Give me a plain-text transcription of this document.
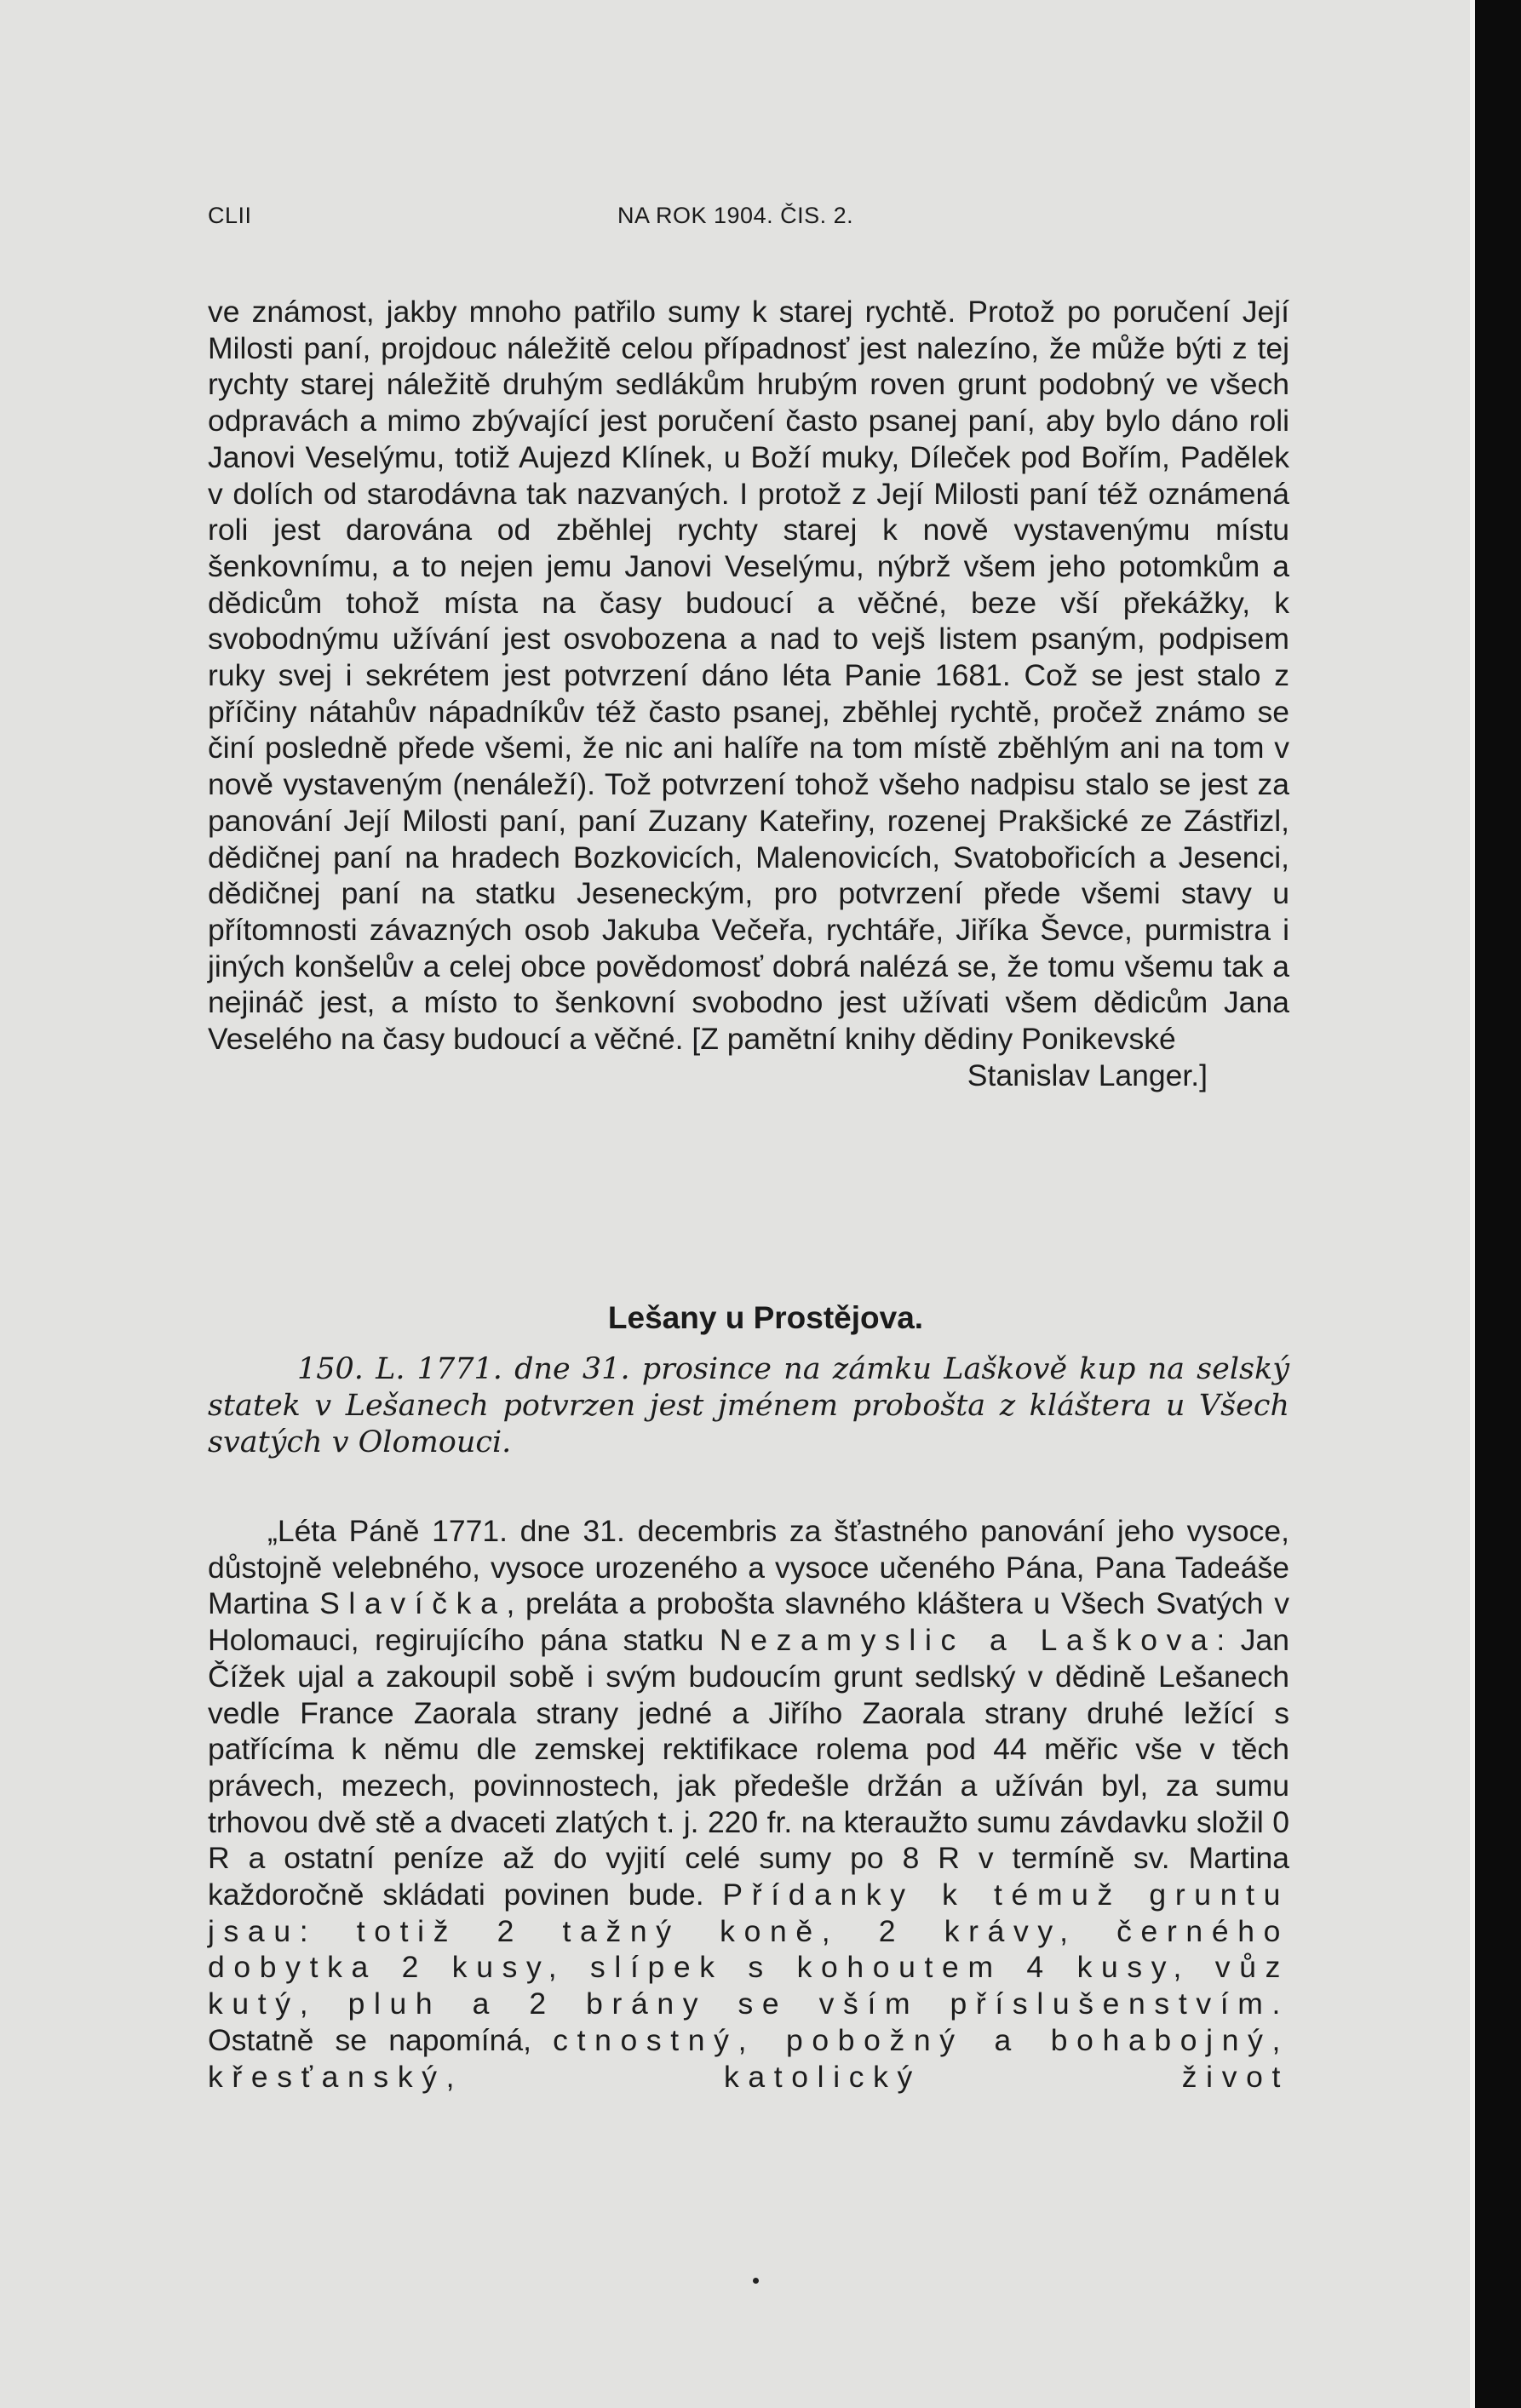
CLII	NA ROK 1904. ČIS. 2.

ve známost, jakby mnoho patřilo sumy k starej rychtě. Protož po poručení Její Milosti paní, projdouc náležitě celou případnosť jest nalezíno, že může býti z tej rychty starej náležitě druhým sedlákům hrubým roven grunt podobný ve všech odpravách a mimo zbývající jest poručení často psanej paní, aby bylo dáno roli Janovi Veselýmu, totiž Aujezd Klínek, u Boží muky, Díleček pod Bořím, Padělek v dolích od starodávna tak nazvaných. I protož z Její Milosti paní též oznámená roli jest darována od zběhlej rychty starej k nově vystavenýmu místu šenkovnímu, a to nejen jemu Janovi Veselýmu, nýbrž všem jeho potomkům a dědicům tohož místa na časy budoucí a věčné, beze vší překážky, k svobodnýmu užívání jest osvobozena a nad to vejš listem psaným, podpisem ruky svej i sekrétem jest potvrzení dáno léta Panie 1681. Což se jest stalo z příčiny nátahův nápadníkův též často psanej, zběhlej rychtě, pročež známo se činí posledně přede všemi, že nic ani halíře na tom místě zběhlým ani na tom v nově vystaveným (nenáleží). Tož potvrzení tohož všeho nadpisu stalo se jest za panování Její Milosti paní, paní Zuzany Kateřiny, rozenej Prakšické ze Zástřizl, dědičnej paní na hradech Bozkovicích, Malenovicích, Svatobořicích a Jesenci, dědičnej paní na statku Jeseneckým, pro potvrzení přede všemi stavy u přítomnosti závazných osob Jakuba Večeřa, rychtáře, Jiříka Ševce, purmistra i jiných konšelův a celej obce povědomosť dobrá nalézá se, že tomu všemu tak a nejináč jest, a místo to šenkovní svobodno jest užívati všem dědicům Jana Veselého na časy budoucí a věčné. [Z pamětní knihy dědiny Ponikevské

Stanislav Langer.]
Lešany u Prostějova.

150. L. 1771. dne 31. prosince na zámku Laškově kup na selský statek v Lešanech potvrzen jest jménem probošta z kláštera u Všech svatých v Olomouci.

„Léta Páně 1771. dne 31. decembris za šťastného panování jeho vysoce, důstojně velebného, vysoce urozeného a vysoce učeného Pána, Pana Tadeáše Martina Slavíčka, preláta a probošta slavného kláštera u Všech Svatých v Holomauci, regirujícího pána statku Nezamyslic a Laškova: Jan Čížek ujal a zakoupil sobě i svým budoucím grunt sedlský v dědině Lešanech vedle France Zaorala strany jedné a Jiřího Zaorala strany druhé ležící s patřícíma k němu dle zemskej rektifikace rolema pod 44 měřic vše v těch právech, mezech, povinnostech, jak předešle držán a užíván byl, za sumu trhovou dvě stě a dvaceti zlatých t. j. 220 fr. na kteraužto sumu závdavku složil 0 R a ostatní peníze až do vyjití celé sumy po 8 R v termíně sv. Martina každoročně skládati povinen bude. Přídanky k témuž gruntu jsau: totiž 2 tažný koně, 2 krávy, černého dobytka 2 kusy, slípek s kohoutem 4 kusy, vůz kutý, pluh a 2 brány se vším příslušenstvím. Ostatně se napomíná, ctnostný, pobožný a bohabojný, křesťanský, katolický život
